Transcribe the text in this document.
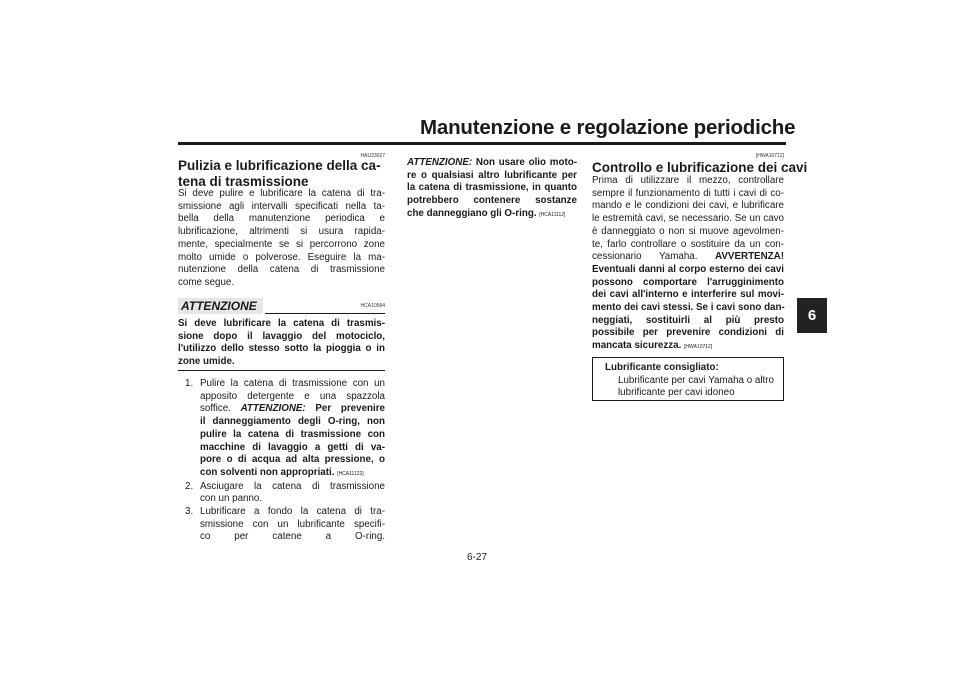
Manutenzione e regolazione periodiche
6
HAU23027
Pulizia e lubrificazione della ca-
tena di trasmissione
Si deve pulire e lubrificare la catena di tra-
smissione agli intervalli specificati nella ta-
bella della manutenzione periodica e
lubrificazione, altrimenti si usura rapida-
mente, specialmente se si percorrono zone
molto umide o polverose. Eseguire la ma-
nutenzione della catena di trasmissione
come segue.
ATTENZIONE	HCA10584
Si deve lubrificare la catena di trasmis-
sione dopo il lavaggio del motociclo,
l'utilizzo dello stesso sotto la pioggia o in
zone umide.
1. Pulire la catena di trasmissione con un
apposito detergente e una spazzola
soffice. ATTENZIONE: Per prevenire
il danneggiamento degli O-ring, non
pulire la catena di trasmissione con
macchine di lavaggio a getti di va-
pore o di acqua ad alta pressione, o
con solventi non appropriati. [HCA11122]
2. Asciugare la catena di trasmissione
con un panno.
3. Lubrificare a fondo la catena di tra-
smissione con un lubrificante specifi-
co per catene a O-ring.
ATTENZIONE: Non usare olio moto-
re o qualsiasi altro lubrificante per
la catena di trasmissione, in quanto
potrebbero contenere sostanze
che danneggiano gli O-ring. [HCA11112]
[HWA10712]
Controllo e lubrificazione dei cavi
Prima di utilizzare il mezzo, controllare
sempre il funzionamento di tutti i cavi di co-
mando e le condizioni dei cavi, e lubrificare
le estremità cavi, se necessario. Se un cavo
è danneggiato o non si muove agevolmen-
te, farlo controllare o sostituire da un con-
cessionario Yamaha. AVVERTENZA!
Eventuali danni al corpo esterno dei cavi
possono comportare l'arrugginimento
dei cavi all'interno e interferire sul movi-
mento dei cavi stessi. Se i cavi sono dan-
neggiati, sostituirli al più presto
possibile per prevenire condizioni di
mancata sicurezza. [HWA10712]
Lubrificante consigliato:
Lubrificante per cavi Yamaha o altro
lubrificante per cavi idoneo
6-27
